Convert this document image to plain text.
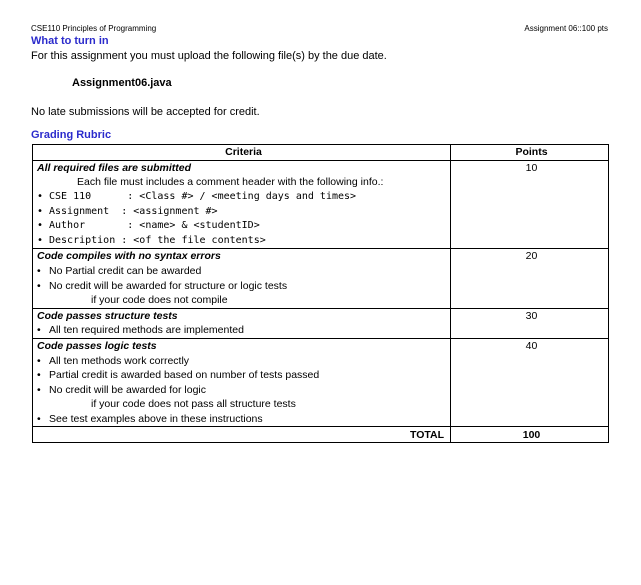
CSE110 Principles of Programming	Assignment 06::100 pts
What to turn in
For this assignment you must upload the following file(s) by the due date.
Assignment06.java
No late submissions will be accepted for credit.
Grading Rubric
Criteria	Points
All required files are submitted	10
Each file must includes a comment header with the following info.:	
• CSE 110      : <Class #> / <meeting days and times>	
• Assignment  : <assignment #>	
• Author       : <name> & <studentID>	
• Description : <of the file contents>	
Code compiles with no syntax errors	20
• No Partial credit can be awarded	
• No credit will be awarded for structure or logic tests	
if your code does not compile	
Code passes structure tests	30
• All ten required methods are implemented	
Code passes logic tests	40
• All ten methods work correctly	
• Partial credit is awarded based on number of tests passed	
• No credit will be awarded for logic	
if your code does not pass all structure tests	
• See test examples above in these instructions	
TOTAL	100
